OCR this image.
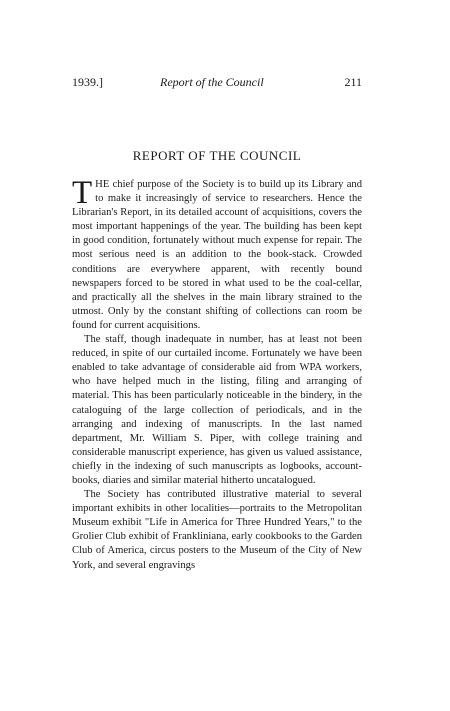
1939.]	Report of the Council	211
REPORT OF THE COUNCIL

THE chief purpose of the Society is to build up its Library and to make it increasingly of service to researchers. Hence the Librarian's Report, in its detailed account of acquisitions, covers the most important happenings of the year. The building has been kept in good condition, fortunately without much expense for repair. The most serious need is an addition to the book-stack. Crowded conditions are everywhere apparent, with recently bound newspapers forced to be stored in what used to be the coal-cellar, and practically all the shelves in the main library strained to the utmost. Only by the constant shifting of collections can room be found for current acquisitions.

The staff, though inadequate in number, has at least not been reduced, in spite of our curtailed income. Fortunately we have been enabled to take advantage of considerable aid from WPA workers, who have helped much in the listing, filing and arranging of material. This has been particularly noticeable in the bindery, in the cataloguing of the large collection of periodicals, and in the arranging and indexing of manuscripts. In the last named department, Mr. William S. Piper, with college training and considerable manuscript experience, has given us valued assistance, chiefly in the indexing of such manuscripts as logbooks, account-books, diaries and similar material hitherto uncatalogued.

The Society has contributed illustrative material to several important exhibits in other localities—portraits to the Metropolitan Museum exhibit "Life in America for Three Hundred Years," to the Grolier Club exhibit of Frankliniana, early cookbooks to the Garden Club of America, circus posters to the Museum of the City of New York, and several engravings
